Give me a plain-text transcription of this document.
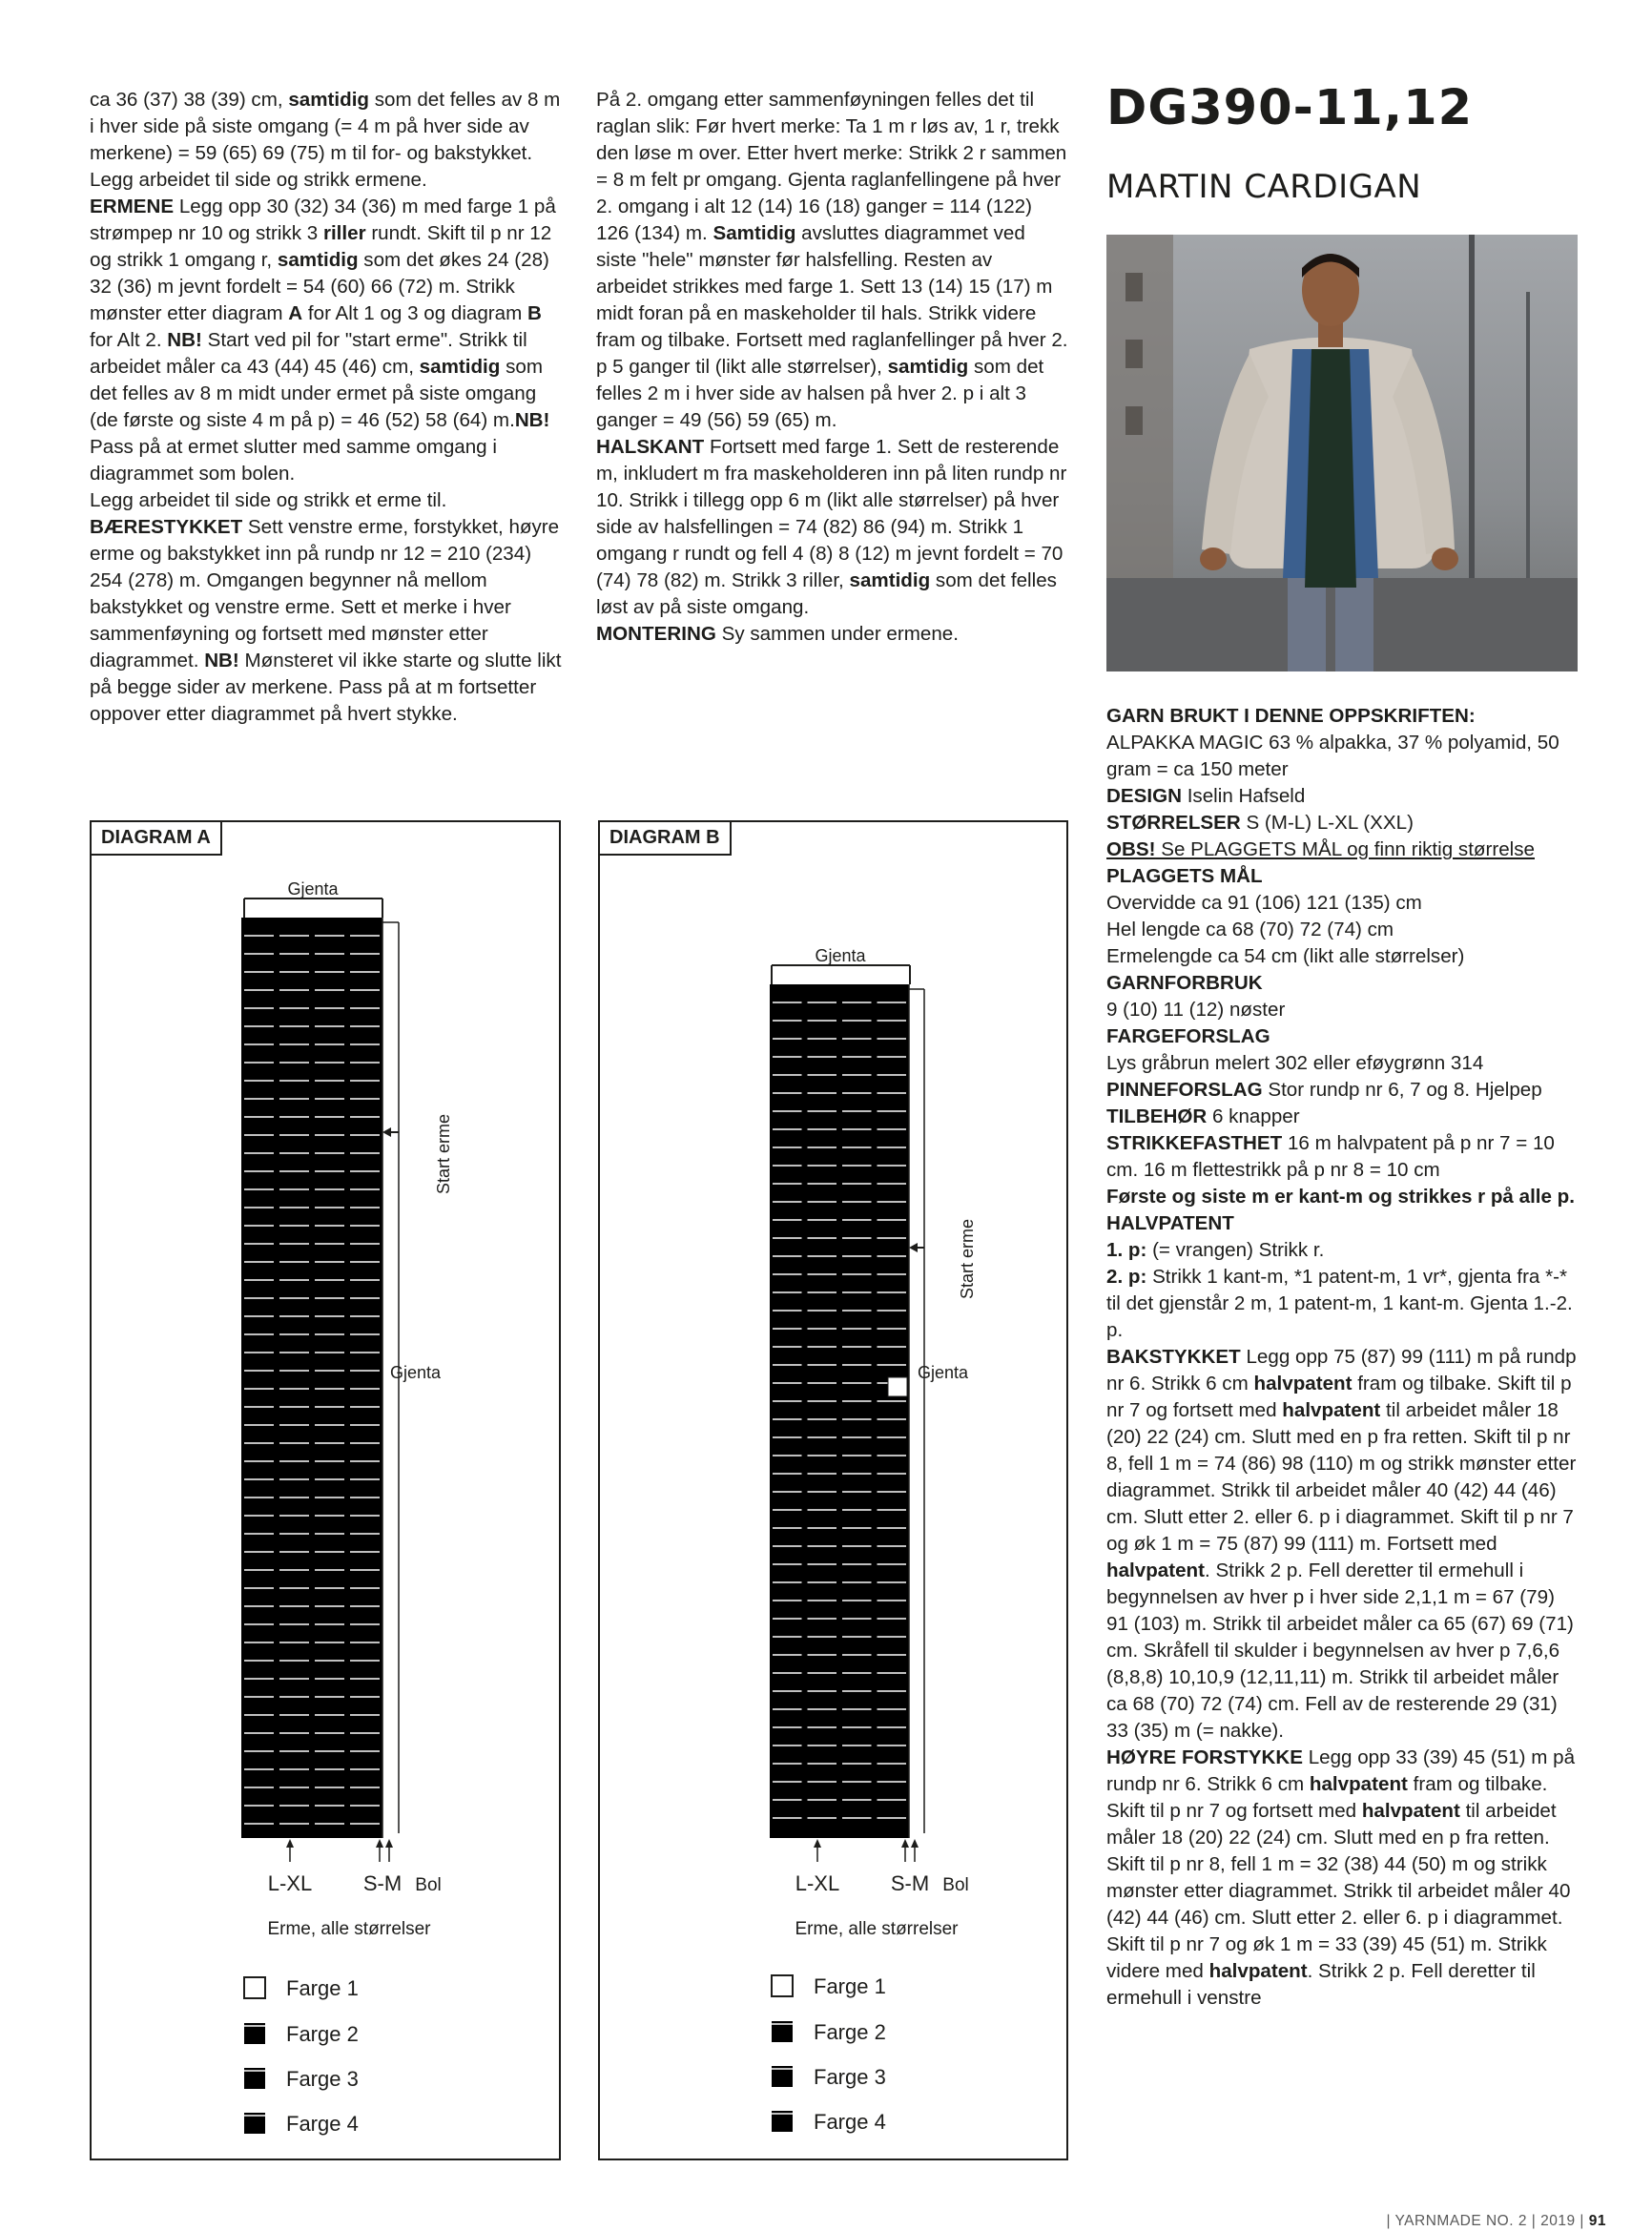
ca 36 (37) 38 (39) cm, samtidig som det felles av 8 m i hver side på siste omgang (= 4 m på hver side av merkene) = 59 (65) 69 (75) m til for- og bakstykket. Legg arbeidet til side og strikk ermene.
ERMENE Legg opp 30 (32) 34 (36) m med farge 1 på strømpep nr 10 og strikk 3 riller rundt. Skift til p nr 12 og strikk 1 omgang r, samtidig som det økes 24 (28) 32 (36) m jevnt fordelt = 54 (60) 66 (72) m. Strikk mønster etter diagram A for Alt 1 og 3 og diagram B for Alt 2. NB! Start ved pil for "start erme". Strikk til arbeidet måler ca 43 (44) 45 (46) cm, samtidig som det felles av 8 m midt under ermet på siste omgang (de første og siste 4 m på p) = 46 (52) 58 (64) m.NB! Pass på at ermet slutter med samme omgang i diagrammet som bolen.
Legg arbeidet til side og strikk et erme til.
BÆRESTYKKET Sett venstre erme, forstykket, høyre erme og bakstykket inn på rundp nr 12 = 210 (234) 254 (278) m. Omgangen begynner nå mellom bakstykket og venstre erme. Sett et merke i hver sammenføyning og fortsett med mønster etter diagrammet. NB! Mønsteret vil ikke starte og slutte likt på begge sider av merkene. Pass på at m fortsetter oppover etter diagrammet på hvert stykke.

På 2. omgang etter sammenføyningen felles det til raglan slik: Før hvert merke: Ta 1 m r løs av, 1 r, trekk den løse m over. Etter hvert merke: Strikk 2 r sammen = 8 m felt pr omgang. Gjenta raglanfellingene på hver 2. omgang i alt 12 (14) 16 (18) ganger = 114 (122) 126 (134) m. Samtidig avsluttes diagrammet ved siste "hele" mønster før halsfelling. Resten av arbeidet strikkes med farge 1. Sett 13 (14) 15 (17) m midt foran på en maskeholder til hals. Strikk videre fram og tilbake. Fortsett med raglanfellinger på hver 2. p 5 ganger til (likt alle størrelser), samtidig som det felles 2 m i hver side av halsen på hver 2. p i alt 3 ganger = 49 (56) 59 (65) m.
HALSKANT Fortsett med farge 1. Sett de resterende m, inkludert m fra maskeholderen inn på liten rundp nr 10. Strikk i tillegg opp 6 m (likt alle størrelser) på hver side av halsfellingen = 74 (82) 86 (94) m. Strikk 1 omgang r rundt og fell 4 (8) 8 (12) m jevnt fordelt = 70 (74) 78 (82) m. Strikk 3 riller, samtidig som det felles løst av på siste omgang.
MONTERING Sy sammen under ermene.

DG390-11,12
MARTIN CARDIGAN

GARN BRUKT I DENNE OPPSKRIFTEN:

ALPAKKA MAGIC 63 % alpakka, 37 % polyamid, 50 gram = ca 150 meter

DESIGN Iselin Hafseld

STØRRELSER S (M-L) L-XL (XXL)

OBS! Se PLAGGETS MÅL og finn riktig størrelse

PLAGGETS MÅL

Overvidde ca 91 (106) 121 (135) cm

Hel lengde ca 68 (70) 72 (74) cm

Ermelengde ca 54 cm (likt alle størrelser)

GARNFORBRUK

9 (10) 11 (12) nøster

FARGEFORSLAG

Lys gråbrun melert 302 eller eføygrønn 314

PINNEFORSLAG Stor rundp nr 6, 7 og 8. Hjelpep

TILBEHØR 6 knapper

STRIKKEFASTHET 16 m halvpatent på p nr 7 = 10 cm. 16 m flettestrikk på p nr 8 = 10 cm

Første og siste m er kant-m og strikkes r på alle p.

HALVPATENT

1. p: (= vrangen) Strikk r.

2. p: Strikk 1 kant-m, *1 patent-m, 1 vr*, gjenta fra *-* til det gjenstår 2 m, 1 patent-m, 1 kant-m. Gjenta 1.-2. p.

BAKSTYKKET Legg opp 75 (87) 99 (111) m på rundp nr 6. Strikk 6 cm halvpatent fram og tilbake. Skift til p nr 7 og fortsett med halvpatent til arbeidet måler 18 (20) 22 (24) cm. Slutt med en p fra retten. Skift til p nr 8, fell 1 m = 74 (86) 98 (110) m og strikk mønster etter diagrammet. Strikk til arbeidet måler 40 (42) 44 (46) cm. Slutt etter 2. eller 6. p i diagrammet. Skift til p nr 7 og øk 1 m = 75 (87) 99 (111) m. Fortsett med halvpatent. Strikk 2 p. Fell deretter til ermehull i begynnelsen av hver p i hver side 2,1,1 m = 67 (79) 91 (103) m. Strikk til arbeidet måler ca 65 (67) 69 (71) cm. Skråfell til skulder i begynnelsen av hver p 7,6,6 (8,8,8) 10,10,9 (12,11,11) m. Strikk til arbeidet måler ca 68 (70) 72 (74) cm. Fell av de resterende 29 (31) 33 (35) m (= nakke).

HØYRE FORSTYKKE Legg opp 33 (39) 45 (51) m på rundp nr 6. Strikk 6 cm halvpatent fram og tilbake. Skift til p nr 7 og fortsett med halvpatent til arbeidet måler 18 (20) 22 (24) cm. Slutt med en p fra retten. Skift til p nr 8, fell 1 m = 32 (38) 44 (50) m og strikk mønster etter diagrammet. Strikk til arbeidet måler 40 (42) 44 (46) cm. Slutt etter 2. eller 6. p i diagrammet. Skift til p nr 7 og øk 1 m = 33 (39) 45 (51) m. Strikk videre med halvpatent. Strikk 2 p. Fell deretter til ermehull i venstre

Gjenta
Start erme
Gjenta
L-XL S-M Bol
Erme, alle størrelser
Farge 1
Farge 2
Farge 3
Farge 4
DIAGRAM A
Gjenta
Start erme
Gjenta
L-XL S-M Bol
Erme, alle størrelser
Farge 1
Farge 2
Farge 3
Farge 4
DIAGRAM B
| YARNMADE NO. 2 | 2019 | 91
